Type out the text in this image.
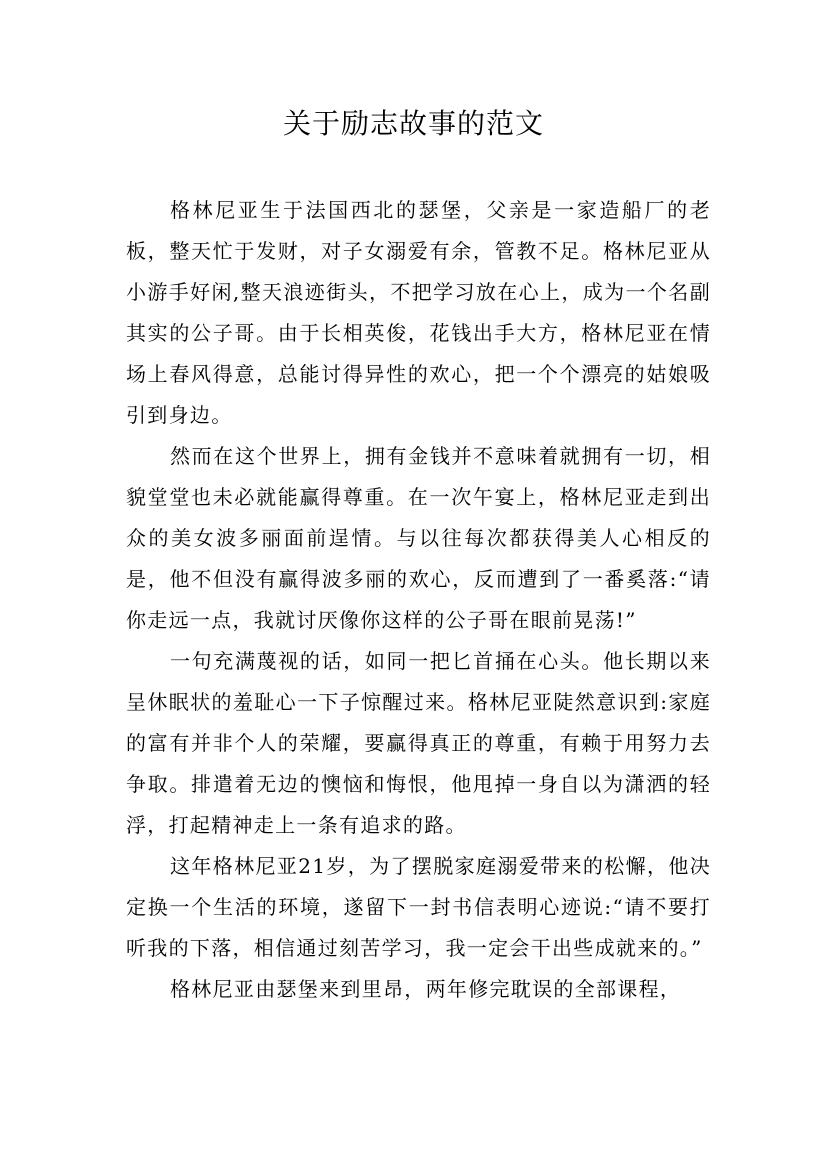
关于励志故事的范文

格林尼亚生于法国西北的瑟堡，父亲是一家造船厂的老板，整天忙于发财，对子女溺爱有余，管教不足。格林尼亚从小游手好闲,整天浪迹街头，不把学习放在心上，成为一个名副其实的公子哥。由于长相英俊，花钱出手大方，格林尼亚在情场上春风得意，总能讨得异性的欢心，把一个个漂亮的姑娘吸引到身边。

然而在这个世界上，拥有金钱并不意味着就拥有一切，相貌堂堂也未必就能赢得尊重。在一次午宴上，格林尼亚走到出众的美女波多丽面前逞情。与以往每次都获得美人心相反的是，他不但没有赢得波多丽的欢心，反而遭到了一番奚落:“请你走远一点，我就讨厌像你这样的公子哥在眼前晃荡!”

一句充满蔑视的话，如同一把匕首捅在心头。他长期以来呈休眠状的羞耻心一下子惊醒过来。格林尼亚陡然意识到:家庭的富有并非个人的荣耀，要赢得真正的尊重，有赖于用努力去争取。排遣着无边的懊恼和悔恨，他甩掉一身自以为潇洒的轻浮，打起精神走上一条有追求的路。

这年格林尼亚21岁，为了摆脱家庭溺爱带来的松懈，他决定换一个生活的环境，遂留下一封书信表明心迹说:“请不要打听我的下落，相信通过刻苦学习，我一定会干出些成就来的。”

格林尼亚由瑟堡来到里昂，两年修完耽误的全部课程，
